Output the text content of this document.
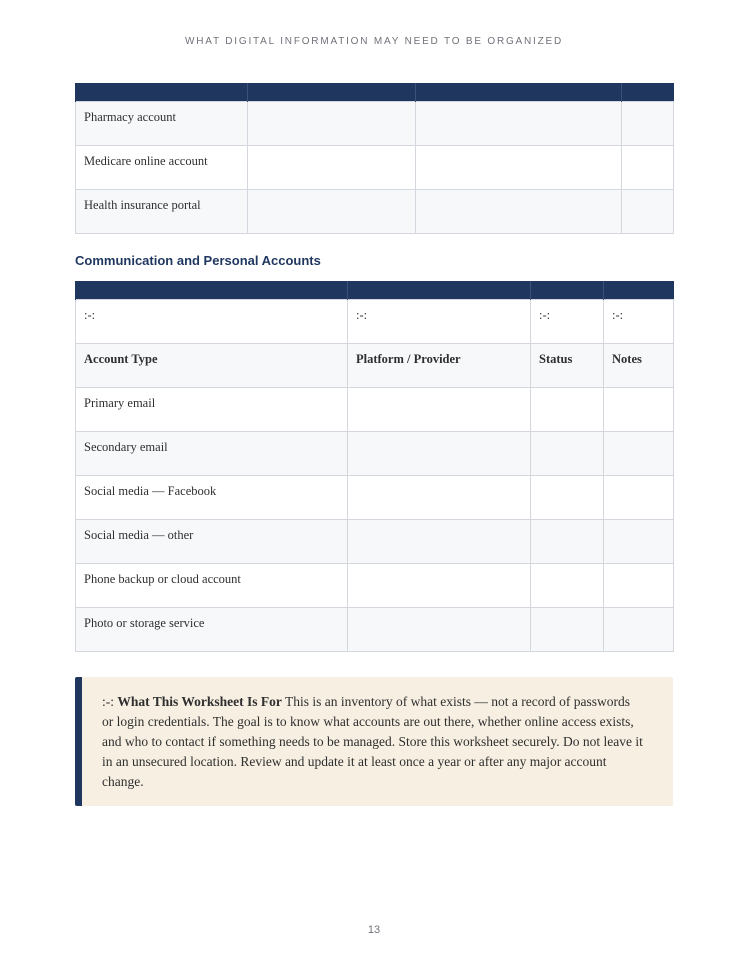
WHAT DIGITAL INFORMATION MAY NEED TO BE ORGANIZED

Pharmacy account			

Medicare online account			

Health insurance portal			

Communication and Personal Accounts

:-:	:-:	:-:	:-:

Account Type	Platform / Provider	Status	Notes

Primary email			

Secondary email			

Social media — Facebook			

Social media — other			

Phone backup or cloud account			

Photo or storage service			

:-: What This Worksheet Is For This is an inventory of what exists — not a record of passwords or login credentials. The goal is to know what accounts are out there, whether online access exists, and who to contact if something needs to be managed. Store this worksheet securely. Do not leave it in an unsecured location. Review and update it at least once a year or after any major account change.
13
